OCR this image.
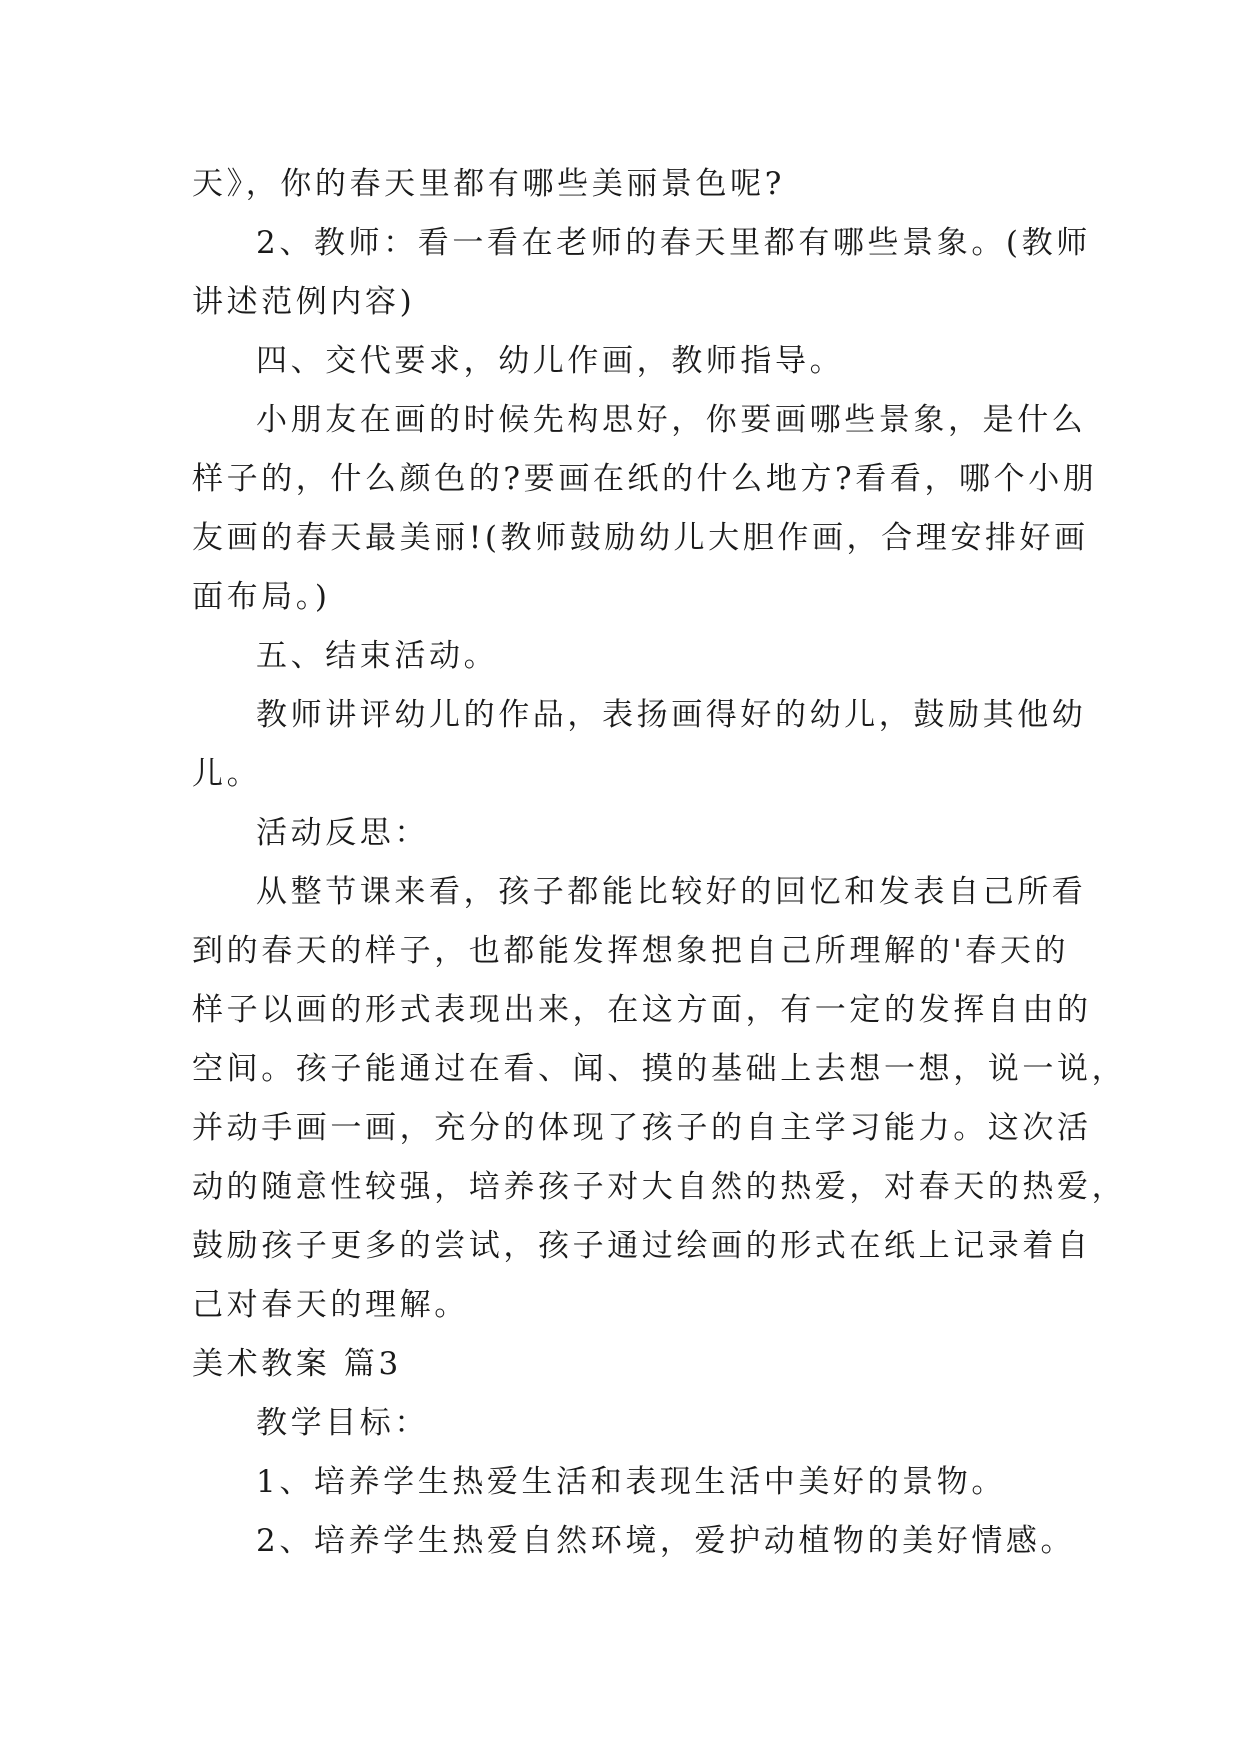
天》，你的春天里都有哪些美丽景色呢?
2、教师：看一看在老师的春天里都有哪些景象。(教师
讲述范例内容)
四、交代要求，幼儿作画，教师指导。
小朋友在画的时候先构思好，你要画哪些景象，是什么
样子的，什么颜色的?要画在纸的什么地方?看看，哪个小朋
友画的春天最美丽!(教师鼓励幼儿大胆作画，合理安排好画
面布局。)
五、结束活动。
教师讲评幼儿的作品，表扬画得好的幼儿，鼓励其他幼
儿。
活动反思：
从整节课来看，孩子都能比较好的回忆和发表自己所看
到的春天的样子，也都能发挥想象把自己所理解的'春天的
样子以画的形式表现出来，在这方面，有一定的发挥自由的
空间。孩子能通过在看、闻、摸的基础上去想一想，说一说，
并动手画一画，充分的体现了孩子的自主学习能力。这次活
动的随意性较强，培养孩子对大自然的热爱，对春天的热爱，
鼓励孩子更多的尝试，孩子通过绘画的形式在纸上记录着自
己对春天的理解。
美术教案 篇3
教学目标：
1、培养学生热爱生活和表现生活中美好的景物。
2、培养学生热爱自然环境，爱护动植物的美好情感。
